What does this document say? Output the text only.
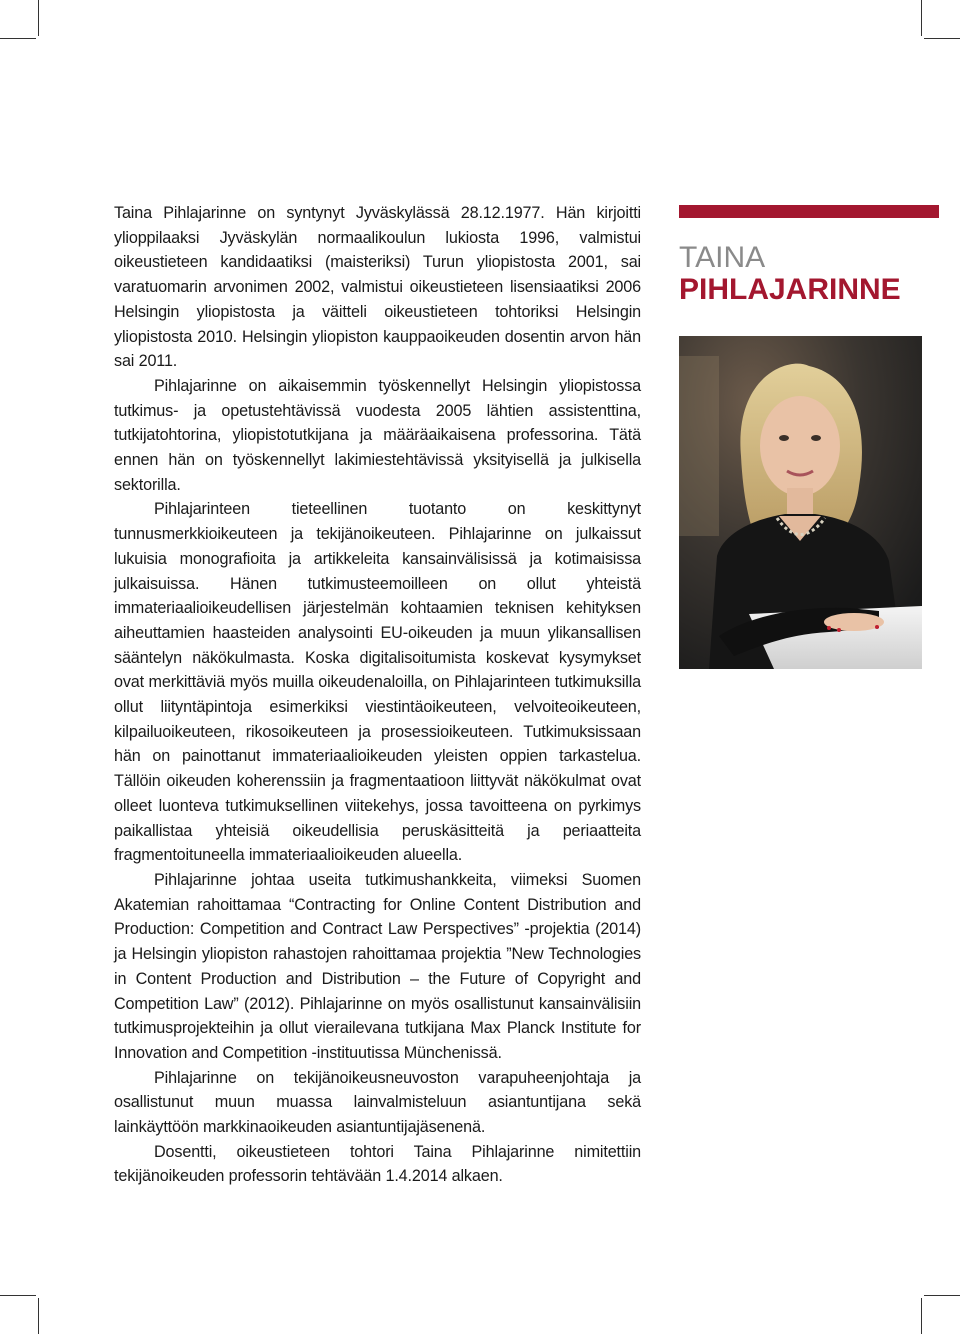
Taina Pihlajarinne on syntynyt Jyväskylässä 28.12.1977. Hän kirjoitti ylioppilaaksi Jyväskylän normaalikoulun lukiosta 1996, valmistui oikeustieteen kandidaatiksi (maisteriksi) Turun yliopistosta 2001, sai varatuomarin arvonimen 2002, valmistui oikeustieteen lisensiaatiksi 2006 Helsingin yliopistosta ja väitteli oikeustieteen tohtoriksi Helsingin yliopistosta 2010. Helsingin yliopiston kauppaoikeuden dosentin arvon hän sai 2011.

Pihlajarinne on aikaisemmin työskennellyt Helsingin yliopistossa tutkimus- ja opetustehtävissä vuodesta 2005 lähtien assistenttina, tutkijatohtorina, yliopistotutkijana ja määräaikaisena professorina. Tätä ennen hän on työskennellyt lakimiestehtävissä yksityisellä ja julkisella sektorilla.

Pihlajarinteen tieteellinen tuotanto on keskittynyt tunnusmerkkioikeuteen ja tekijänoikeuteen. Pihlajarinne on julkaissut lukuisia monografioita ja artikkeleita kansainvälisissä ja kotimaisissa julkaisuissa. Hänen tutkimusteemoilleen on ollut yhteistä immateriaalioikeudellisen järjestelmän kohtaamien teknisen kehityksen aiheuttamien haasteiden analysointi EU-oikeuden ja muun ylikansallisen sääntelyn näkökulmasta. Koska digitalisoitumista koskevat kysymykset ovat merkittäviä myös muilla oikeudenaloilla, on Pihlajarinteen tutkimuksilla ollut liityntäpintoja esimerkiksi viestintäoikeuteen, velvoiteoikeuteen, kilpailuoikeuteen, rikosoikeuteen ja prosessioikeuteen. Tutkimuksissaan hän on painottanut immateriaalioikeuden yleisten oppien tarkastelua. Tällöin oikeuden koherenssiin ja fragmentaatioon liittyvät näkökulmat ovat olleet luonteva tutkimuksellinen viitekehys, jossa tavoitteena on pyrkimys paikallistaa yhteisiä oikeudellisia peruskäsitteitä ja periaatteita fragmentoituneella immateriaalioikeuden alueella.

Pihlajarinne johtaa useita tutkimushankkeita, viimeksi Suomen Akatemian rahoittamaa “Contracting for Online Content Distribution and Production: Competition and Contract Law Perspectives” -projektia (2014) ja Helsingin yliopiston rahastojen rahoittamaa projektia ”New Technologies in Content Production and Distribution – the Future of Copyright and Competition Law” (2012). Pihlajarinne on myös osallistunut kansainvälisiin tutkimusprojekteihin ja ollut vierailevana tutkijana Max Planck Institute for Innovation and Competition -instituutissa Münchenissä.

Pihlajarinne on tekijänoikeusneuvoston varapuheenjohtaja ja osallistunut muun muassa lainvalmisteluun asiantuntijana sekä lainkäyttöön markkinaoikeuden asiantuntijajäsenenä.

Dosentti, oikeustieteen tohtori Taina Pihlajarinne nimitettiin tekijänoikeuden professorin tehtävään 1.4.2014 alkaen.

TAINA
PIHLAJARINNE
